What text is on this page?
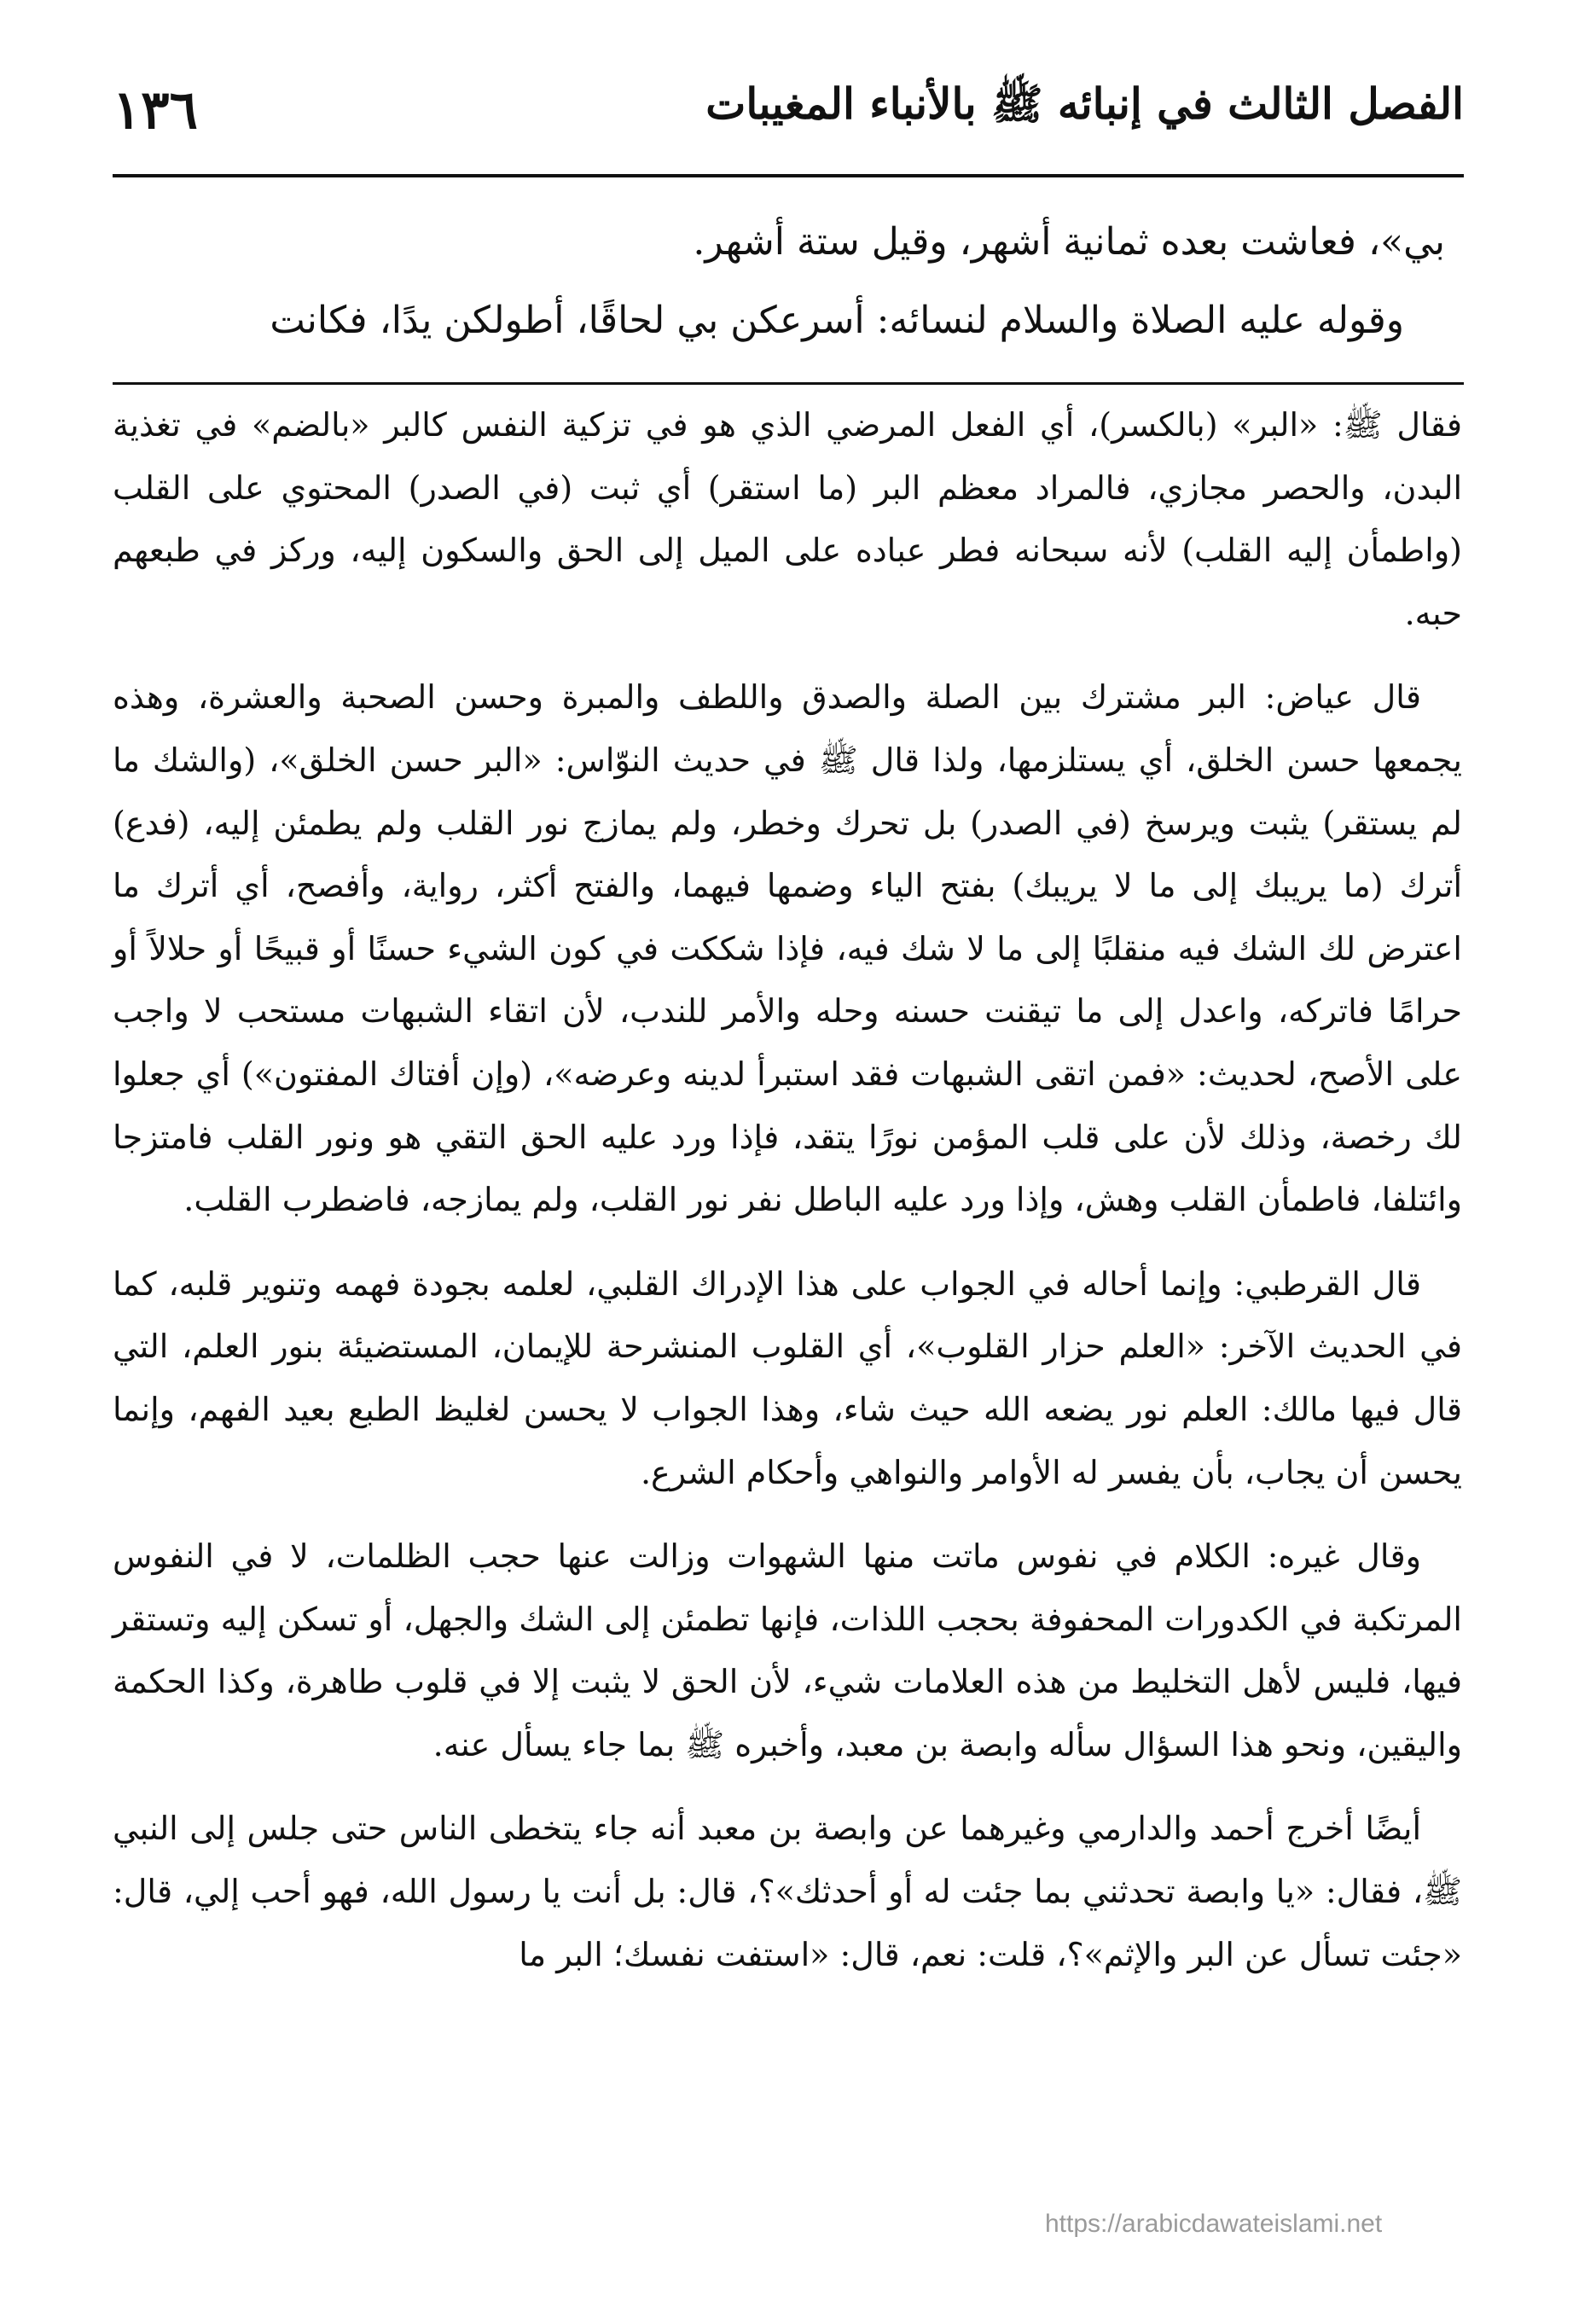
١٣٦	الفصل الثالث في إنبائه ﷺ بالأنباء المغيبات

بي»، فعاشت بعده ثمانية أشهر، وقيل ستة أشهر.

وقوله عليه الصلاة والسلام لنسائه: أسرعكن بي لحاقًا، أطولكن يدًا، فكانت

فقال ﷺ: «البر» (بالكسر)، أي الفعل المرضي الذي هو في تزكية النفس كالبر «بالضم» في تغذية البدن، والحصر مجازي، فالمراد معظم البر (ما استقر) أي ثبت (في الصدر) المحتوي على القلب (واطمأن إليه القلب) لأنه سبحانه فطر عباده على الميل إلى الحق والسكون إليه، وركز في طبعهم حبه.

قال عياض: البر مشترك بين الصلة والصدق واللطف والمبرة وحسن الصحبة والعشرة، وهذه يجمعها حسن الخلق، أي يستلزمها، ولذا قال ﷺ في حديث النوّاس: «البر حسن الخلق»، (والشك ما لم يستقر) يثبت ويرسخ (في الصدر) بل تحرك وخطر، ولم يمازج نور القلب ولم يطمئن إليه، (فدع) أترك (ما يريبك إلى ما لا يريبك) بفتح الياء وضمها فيهما، والفتح أكثر، رواية، وأفصح، أي أترك ما اعترض لك الشك فيه منقلبًا إلى ما لا شك فيه، فإذا شككت في كون الشيء حسنًا أو قبيحًا أو حلالاً أو حرامًا فاتركه، واعدل إلى ما تيقنت حسنه وحله والأمر للندب، لأن اتقاء الشبهات مستحب لا واجب على الأصح، لحديث: «فمن اتقى الشبهات فقد استبرأ لدينه وعرضه»، (وإن أفتاك المفتون») أي جعلوا لك رخصة، وذلك لأن على قلب المؤمن نورًا يتقد، فإذا ورد عليه الحق التقي هو ونور القلب فامتزجا وائتلفا، فاطمأن القلب وهش، وإذا ورد عليه الباطل نفر نور القلب، ولم يمازجه، فاضطرب القلب.

قال القرطبي: وإنما أحاله في الجواب على هذا الإدراك القلبي، لعلمه بجودة فهمه وتنوير قلبه، كما في الحديث الآخر: «العلم حزار القلوب»، أي القلوب المنشرحة للإيمان، المستضيئة بنور العلم، التي قال فيها مالك: العلم نور يضعه الله حيث شاء، وهذا الجواب لا يحسن لغليظ الطبع بعيد الفهم، وإنما يحسن أن يجاب، بأن يفسر له الأوامر والنواهي وأحكام الشرع.

وقال غيره: الكلام في نفوس ماتت منها الشهوات وزالت عنها حجب الظلمات، لا في النفوس المرتكبة في الكدورات المحفوفة بحجب اللذات، فإنها تطمئن إلى الشك والجهل، أو تسكن إليه وتستقر فيها، فليس لأهل التخليط من هذه العلامات شيء، لأن الحق لا يثبت إلا في قلوب طاهرة، وكذا الحكمة واليقين، ونحو هذا السؤال سأله وابصة بن معبد، وأخبره ﷺ بما جاء يسأل عنه.

أيضًا أخرج أحمد والدارمي وغيرهما عن وابصة بن معبد أنه جاء يتخطى الناس حتى جلس إلى النبي ﷺ، فقال: «يا وابصة تحدثني بما جئت له أو أحدثك»؟، قال: بل أنت يا رسول الله، فهو أحب إلي، قال: «جئت تسأل عن البر والإثم»؟، قلت: نعم، قال: «استفت نفسك؛ البر ما

https://arabicdawateislami.net
